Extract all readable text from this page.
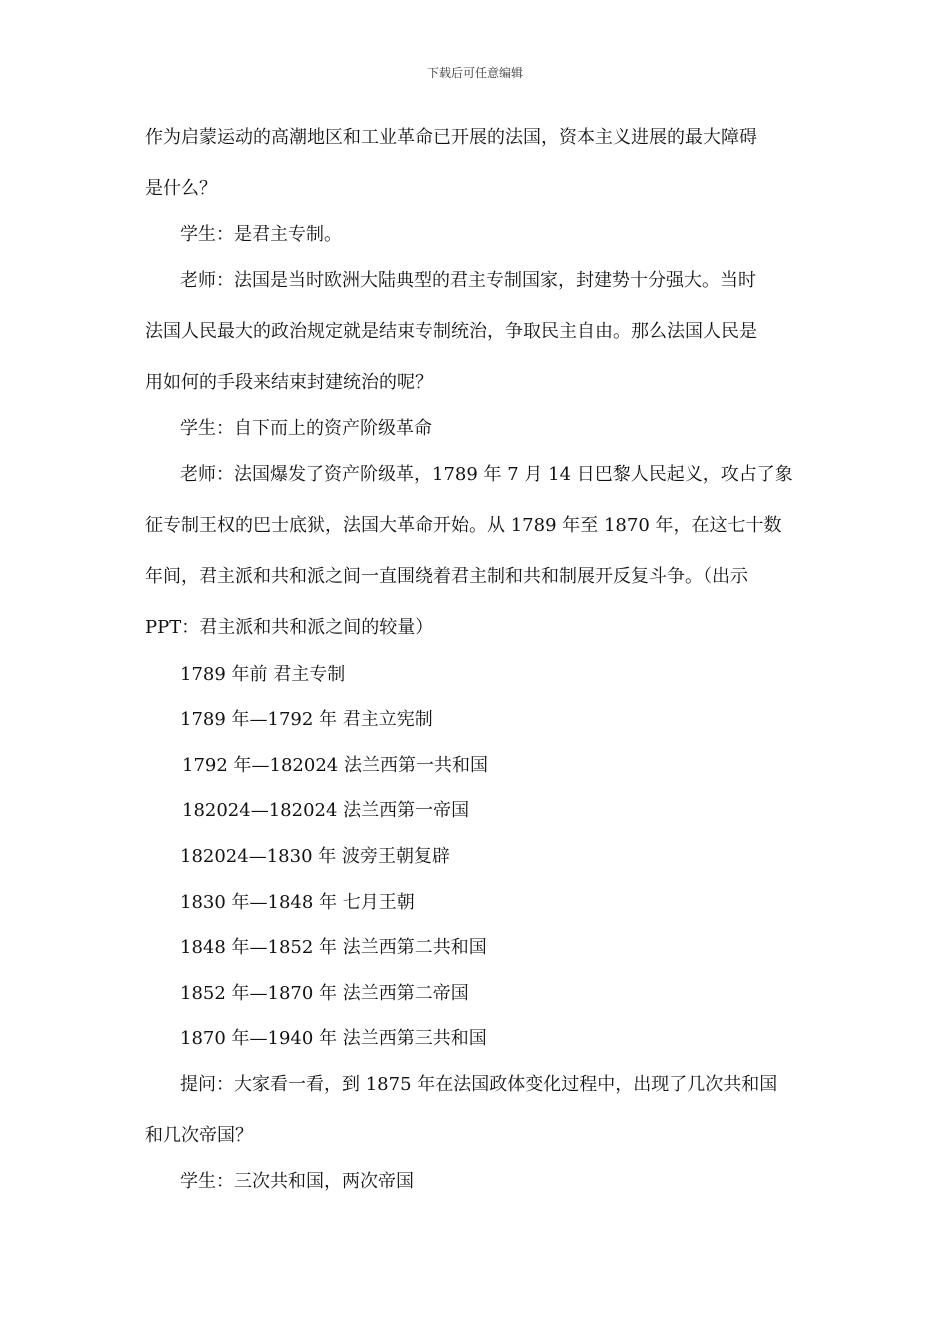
下载后可任意编辑
作为启蒙运动的高潮地区和工业革命已开展的法国，资本主义进展的最大障碍
是什么？
学生：是君主专制。
老师：法国是当时欧洲大陆典型的君主专制国家，封建势十分强大。当时
法国人民最大的政治规定就是结束专制统治，争取民主自由。那么法国人民是
用如何的手段来结束封建统治的呢？
学生：自下而上的资产阶级革命
老师：法国爆发了资产阶级革，1789 年 7 月 14 日巴黎人民起义，攻占了象
征专制王权的巴士底狱，法国大革命开始。从 1789 年至 1870 年，在这七十数
年间，君主派和共和派之间一直围绕着君主制和共和制展开反复斗争。（出示
PPT：君主派和共和派之间的较量）
1789 年前 君主专制
1789 年—1792 年 君主立宪制
1792 年—182024 法兰西第一共和国
182024—182024 法兰西第一帝国
182024—1830 年 波旁王朝复辟
1830 年—1848 年 七月王朝
1848 年—1852 年 法兰西第二共和国
1852 年—1870 年 法兰西第二帝国
1870 年—1940 年 法兰西第三共和国
提问：大家看一看，到 1875 年在法国政体变化过程中，出现了几次共和国
和几次帝国？
学生：三次共和国，两次帝国
